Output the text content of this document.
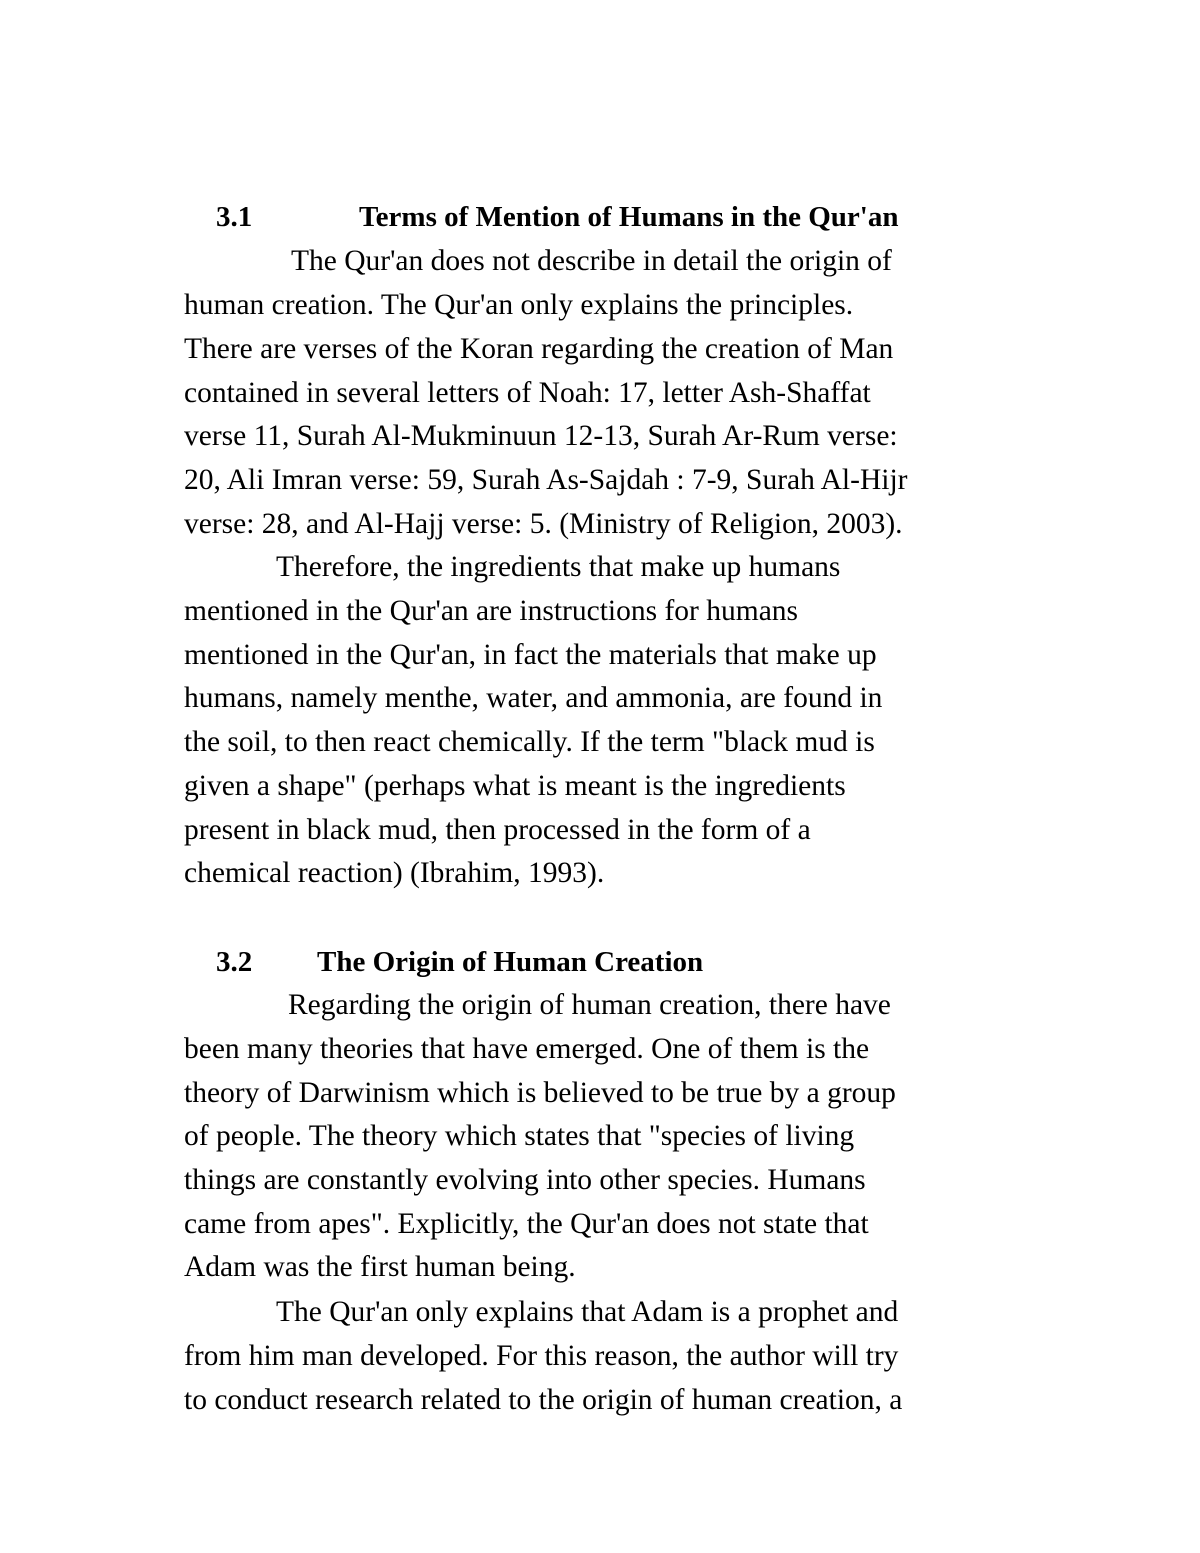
3.1	Terms of Mention of Humans in the Qur'an
The Qur'an does not describe in detail the origin of
human creation. The Qur'an only explains the principles.
There are verses of the Koran regarding the creation of Man
contained in several letters of Noah: 17, letter Ash-Shaffat
verse 11, Surah Al-Mukminuun 12-13, Surah Ar-Rum verse:
20, Ali Imran verse: 59, Surah As-Sajdah : 7-9, Surah Al-Hijr
verse: 28, and Al-Hajj verse: 5. (Ministry of Religion, 2003).
Therefore, the ingredients that make up humans
mentioned in the Qur'an are instructions for humans
mentioned in the Qur'an, in fact the materials that make up
humans, namely menthe, water, and ammonia, are found in
the soil, to then react chemically. If the term "black mud is
given a shape" (perhaps what is meant is the ingredients
present in black mud, then processed in the form of a
chemical reaction) (Ibrahim, 1993).
3.2 The Origin of Human Creation
Regarding the origin of human creation, there have
been many theories that have emerged. One of them is the
theory of Darwinism which is believed to be true by a group
of people. The theory which states that "species of living
things are constantly evolving into other species. Humans
came from apes". Explicitly, the Qur'an does not state that
Adam was the first human being.
The Qur'an only explains that Adam is a prophet and
from him man developed. For this reason, the author will try
to conduct research related to the origin of human creation, a
